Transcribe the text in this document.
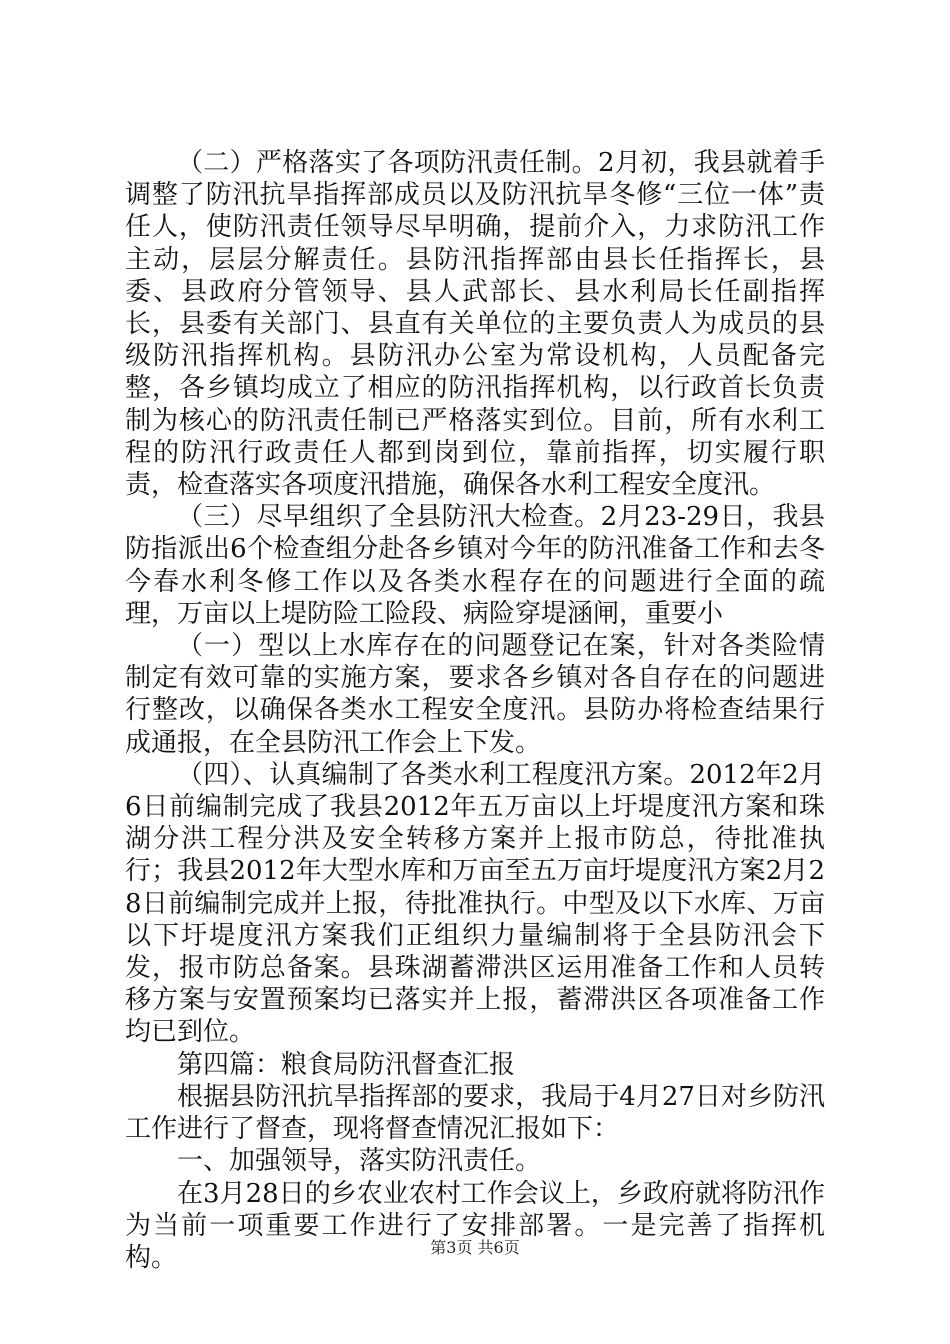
（二）严格落实了各项防汛责任制。2月初，我县就着手调整了防汛抗旱指挥部成员以及防汛抗旱冬修“三位一体”责任人，使防汛责任领导尽早明确，提前介入，力求防汛工作主动，层层分解责任。县防汛指挥部由县长任指挥长，县委、县政府分管领导、县人武部长、县水利局长任副指挥长，县委有关部门、县直有关单位的主要负责人为成员的县级防汛指挥机构。县防汛办公室为常设机构，人员配备完整，各乡镇均成立了相应的防汛指挥机构，以行政首长负责制为核心的防汛责任制已严格落实到位。目前，所有水利工程的防汛行政责任人都到岗到位，靠前指挥，切实履行职责，检查落实各项度汛措施，确保各水利工程安全度汛。

（三）尽早组织了全县防汛大检查。2月23-29日，我县防指派出6个检查组分赴各乡镇对今年的防汛准备工作和去冬今春水利冬修工作以及各类水程存在的问题进行全面的疏理，万亩以上堤防险工险段、病险穿堤涵闸，重要小

（一）型以上水库存在的问题登记在案，针对各类险情制定有效可靠的实施方案，要求各乡镇对各自存在的问题进行整改，以确保各类水工程安全度汛。县防办将检查结果行成通报，在全县防汛工作会上下发。

（四）、认真编制了各类水利工程度汛方案。2012年2月6日前编制完成了我县2012年五万亩以上圩堤度汛方案和珠湖分洪工程分洪及安全转移方案并上报市防总，待批准执行；我县2012年大型水库和万亩至五万亩圩堤度汛方案2月28日前编制完成并上报，待批准执行。中型及以下水库、万亩以下圩堤度汛方案我们正组织力量编制将于全县防汛会下发，报市防总备案。县珠湖蓄滞洪区运用准备工作和人员转移方案与安置预案均已落实并上报，蓄滞洪区各项准备工作均已到位。

第四篇：粮食局防汛督查汇报

根据县防汛抗旱指挥部的要求，我局于4月27日对乡防汛工作进行了督查，现将督查情况汇报如下：

一、加强领导，落实防汛责任。

在3月28日的乡农业农村工作会议上，乡政府就将防汛作为当前一项重要工作进行了安排部署。一是完善了指挥机构。	第3页 共6页
